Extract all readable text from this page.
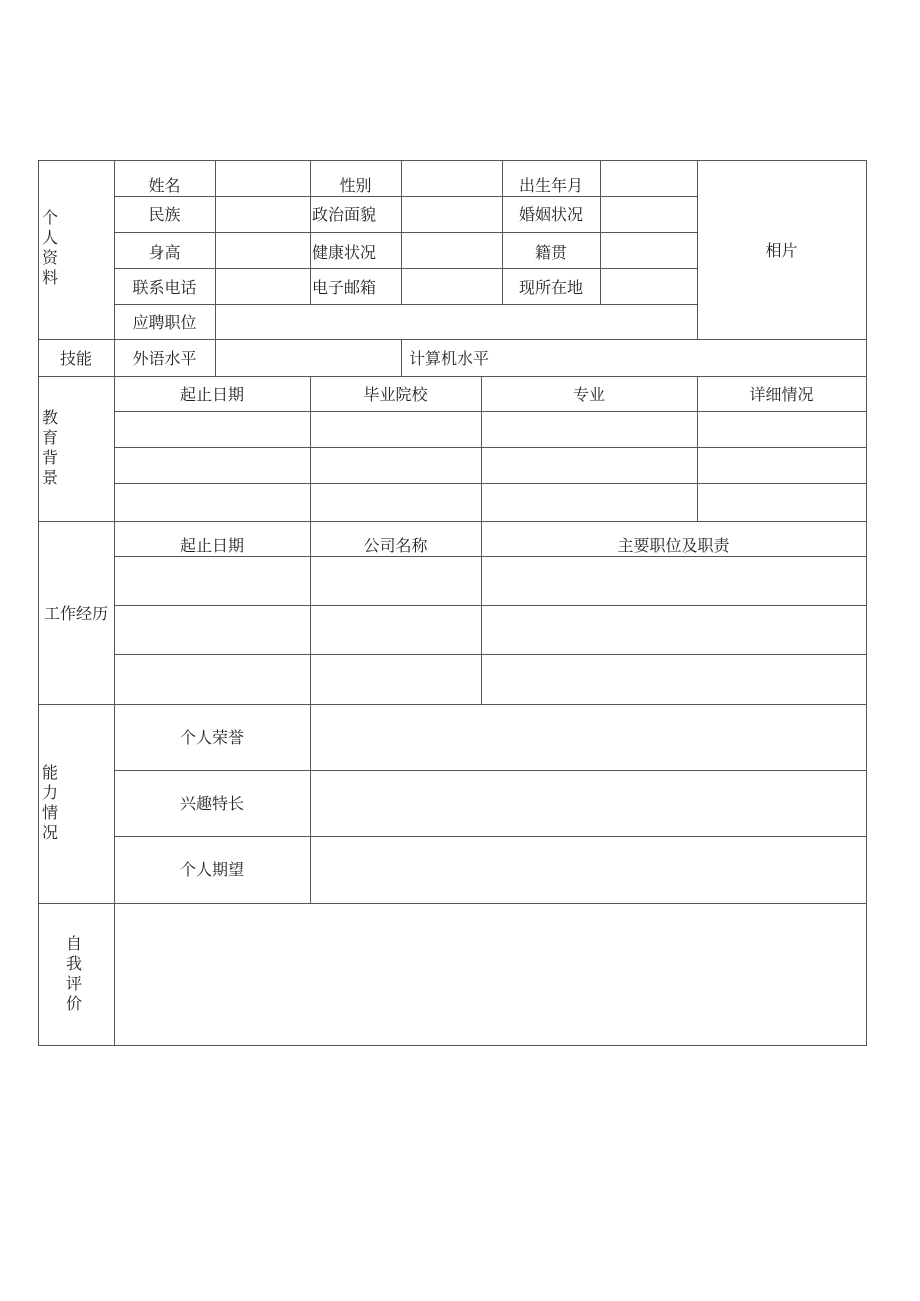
个人资料
姓名	性别	出生年月
民族	政治面貌	婚姻状况
身高	健康状况	籍贯
联系电话	电子邮箱	现所在地
应聘职位
相片
技能	外语水平	计算机水平
教育背景
起止日期	毕业院校	专业	详细情况
工作经历
起止日期	公司名称	主要职位及职责
能力情况
个人荣誉
兴趣特长
个人期望
自我评价
